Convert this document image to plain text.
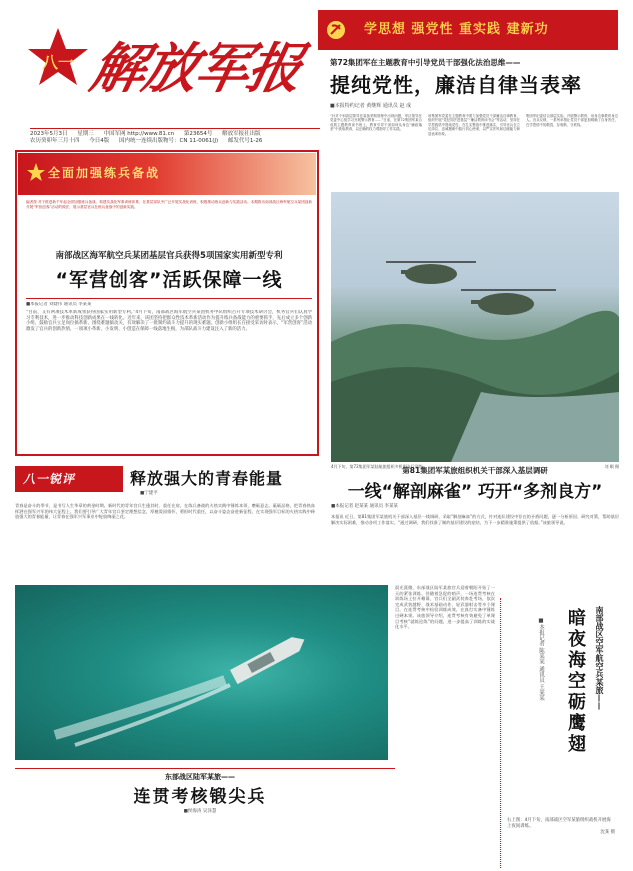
八一 解
放
军
报
2023年5月3日 星期三 中国军网 http://www.81.cn 第23654号 解放军报社出版
农历癸卯年三月十四 今日4版 国内统一连续出版物号：CN 11-0061(J) 邮发代号1-26
学思想 强党性 重实践 建新功
第72集团军在主题教育中引导党员干部强化法治思维——
提纯党性，廉洁自律当表率
■本报特约记者 黄继辉 通讯员 赵 成
“针对个别高层领导在装备采购管理中出现问题，军区领导在党委中心组学习开展警示教育……”日前，在第72集团军某合成旅主题教育读书班上，教育引导干部如何从身边“廉政落差”中汲取教训，以正确的权力观指导工作实践。
该集团军党委在主题教育中着力加强党员干部廉洁自律教育，组织开展“党纪国法进基层”“廉洁教育读书会”等活动，坚持在学思践悟中提纯党性，在扎实整改中推进落实，引导官兵在立足岗位、忠诚履职中践行初心使命，以严实作风和过硬能力彰显表率形象。
集团军纪委结合基层实际，开展警示教育，用身边事教育身边人。官兵反映，一系列举措让党员干部更加明确了自身责任，在学思悟中知敬畏、存戒惧、守底线。
全面加强练兵备战
编者按 对于推进新千年起全面加强练兵备战、构建实战化军事训练体系，在基层部队中广泛开展实战化训练，积极推动练兵创新与实践活动。本期推出南部战区海军航空兵某团创新开展“军营创客”活动的做法，展示基层官兵在练兵备战中的创新实践。
南部战区海军航空兵某团基层官兵获得5项国家实用新型专利
“军营创客”活跃保障一线
■本报记者 刘建伟 通讯员 李某某
“目前，又有两项技术革新成果获得国家实用新型专利。”4月下旬，南部战区海军航空兵某团机务中队组织召开专项技术研讨会，机务官兵们认真学习专利技术，进一步推动科技创新成果在一线转化。近年来，该团坚持把群众性技术革新活动作为提升练兵备战能力的重要抓手，先后成立多个创新小组，鼓励官兵立足岗位搞革新、围绕难题搞攻关，有效解决了一批制约战斗力提升的现实难题。创新小组组长在接受采访时表示，“军营创客”活动激发了官兵的创新热情，一项项小革新、小发明、小创造在保障一线落地生根，为部队战斗力建设注入了新的活力。
4月下旬，第72集团军某陆航旅组织多机型飞行训练。	刘 顺 摄
八一锐评	释放强大的青春能量
■宁建平
青春是奋斗的季节，是书写人生华章的黄金时期。新时代的青年官兵生逢其时、重任在肩，在练兵备战的火热实践中锤炼本领、磨砺意志、砥砺品格，把青春热血挥洒在强军兴军的伟大征程上。我们要引导广大青年官兵坚定理想信念，厚植爱国情怀，勇担时代重任，以奋斗姿态奋进新征程，在实现强军目标的火热实践中释放强大的青春能量，让青春在强军兴军事业中绽放绚丽之花。
第81集团军某旅组织机关干部深入基层调研
一线“解剖麻雀” 巧开“多剂良方”
■本报记者 赵某某 通讯员 李某某
本报讯 近日，第81集团军某旅机关干部深入基层一线调研，采取“解剖麻雀”的方式，针对连队建设中存在的矛盾问题，逐一分析原因、研究对策，帮助基层解决实际困难，推动各项工作落实。“通过调研，我们找准了制约基层建设的症结，为下一步精准施策提供了依据。”该旅领导说。
南部战区空军航空兵某旅——
暗夜海空砺鹰翅
■本报记者 陈某某 通讯员 王某某
右上图：4月下旬，南部战区空军某旅组织战机开展海上夜间训练。
沈某 摄
晨光熹微，东部战区陆军某旅官兵迎着朝阳开始了一天的紧张训练。伴随着急促的哨声，一场连贯考核在训练场上拉开帷幕，官兵们全副武装奔赴考场，依次完成武装越野、战术基础动作、轻武器射击等多个课目，在连贯考核中检验训练成效，在真打实备中锤炼过硬本领。该旅领导介绍，连贯考核有效避免了单课目考核“就练论练”的问题，进一步提高了训练的实战化水平。
东部战区陆军某旅——
连贯考核锻尖兵
■侯海涛 吴泽慧
